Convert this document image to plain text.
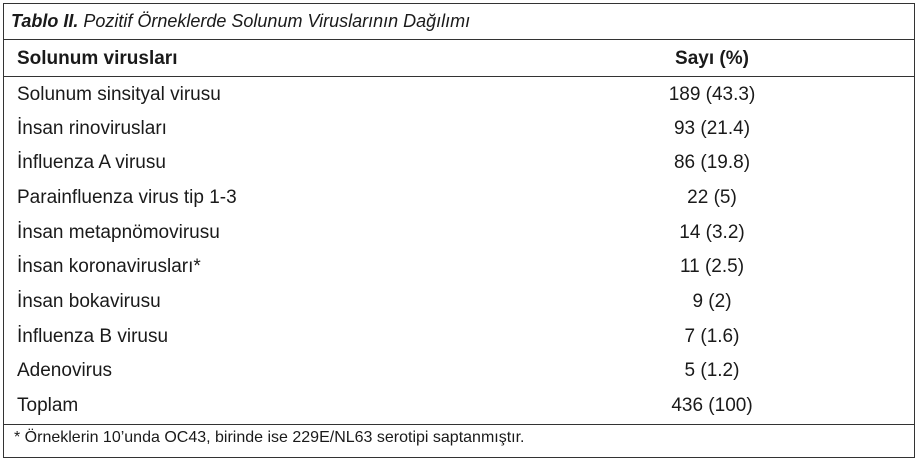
Tablo II. Pozitif Örneklerde Solunum Viruslarının Dağılımı
Solunum virusları	Sayı (%)
Solunum sinsityal virusu	189 (43.3)
İnsan rinovirusları	93 (21.4)
İnfluenza A virusu	86 (19.8)
Parainfluenza virus tip 1-3	22 (5)
İnsan metapnömovirusu	14 (3.2)
İnsan koronavirusları*	11 (2.5)
İnsan bokavirusu	9 (2)
İnfluenza B virusu	7 (1.6)
Adenovirus	5 (1.2)
Toplam	436 (100)
* Örneklerin 10’unda OC43, birinde ise 229E/NL63 serotipi saptanmıştır.
